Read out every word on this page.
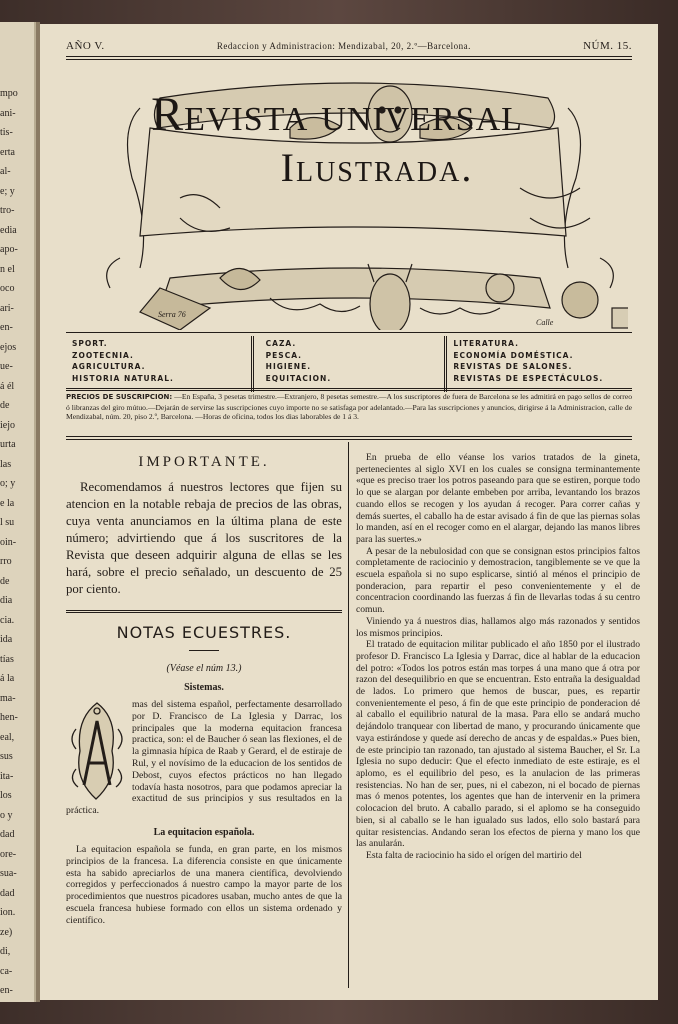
mpo
ani-
tis-
erta
al-
e; y
tro-
edia
apo-
n el
oco
ari-
en-
ejos
ue-
á él
de
iejo
urta
las
o; y
e la
l su
oin-
rro
de
dia
cia.
ida
tías
á la
ma-
hen-
eal,
sus
ita-
los
o y
dad
ore-
sua-
dad
ion.
ze)
di,
ca-
en-
AÑO V.	Redaccion y Administracion: Mendizabal, 20, 2.º—Barcelona.	NÚM. 15.
Revista universal
Ilustrada.
Serra 76
Calle
SPORT.
ZOOTECNIA.
AGRICULTURA.
HISTORIA NATURAL.
CAZA.
PESCA.
HIGIENE.
EQUITACION.
LITERATURA.
ECONOMÍA DOMÉSTICA.
REVISTAS DE SALONES.
REVISTAS DE ESPECTÁCULOS.
PRECIOS DE SUSCRIPCION: —En España, 3 pesetas trimestre.—Extranjero, 8 pesetas semestre.—A los suscriptores de fuera de Barcelona se les admitirá en pago sellos de correo ó libranzas del giro mútuo.—Dejarán de servirse las suscripciones cuyo importe no se satisfaga por adelantado.—Para las suscripciones y anuncios, dirigirse á la Administracion, calle de Mendizabal, núm. 20, piso 2.º, Barcelona. —Horas de oficina, todos los dias laborables de 1 á 3.
IMPORTANTE.
Recomendamos á nuestros lectores que fijen su atencion en la notable rebaja de precios de las obras, cuya venta anunciamos en la última plana de este número; advirtiendo que á los suscritores de la Revista que deseen adquirir alguna de ellas se les hará, sobre el precio señalado, un descuento de 25 por ciento.
NOTAS ECUESTRES.
(Véase el núm 13.)
Sistemas.
mas del sistema español, perfectamente desarrollado por D. Francisco de La Iglesia y Darrac, los principales que la moderna equitacion francesa practica, son: el de Baucher ó sean las flexiones, el de la gimnasia hípica de Raab y Gerard, el de estiraje de Rul, y el novísimo de la educacion de los sentidos de Debost, cuyos efectos prácticos no han llegado todavía hasta nosotros, para que podamos apreciar la exactitud de sus principios y sus resultados en la práctica.
La equitacion española.

La equitacion española se funda, en gran parte, en los mismos principios de la francesa. La diferencia consiste en que únicamente esta ha sabido apreciarlos de una manera científica, devolviendo corregidos y perfeccionados á nuestro campo la mayor parte de los procedimientos que nuestros picadores usaban, mucho antes de que la escuela francesa hubiese formado con ellos un sistema ordenado y científico.

En prueba de ello véanse los varios tratados de la gineta, pertenecientes al siglo XVI en los cuales se consigna terminantemente «que es preciso traer los potros paseando para que se estiren, porque todo lo que se alargan por delante embeben por arriba, levantando los brazos cuando ellos se recogen y los ayudan á recoger. Para correr cañas y demás suertes, el caballo ha de estar avisado á fin de que las piernas solas lo manden, así en el recoger como en el alargar, dejando las manos libres para las suertes.»

A pesar de la nebulosidad con que se consignan estos principios faltos completamente de raciocinio y demostracion, tangiblemente se ve que la escuela española si no supo esplicarse, sintió al ménos el principio de ponderacion, para repartir el peso convenientemente y el de concentracion coordinando las fuerzas á fin de llevarlas todas á su centro comun.

Viniendo ya á nuestros dias, hallamos algo más razonados y sentidos los mismos principios.

El tratado de equitacion militar publicado el año 1850 por el ilustrado profesor D. Francisco La Iglesia y Darrac, dice al hablar de la educacion del potro: «Todos los potros están mas torpes á una mano que á otra por razon del desequilibrio en que se encuentran. Esto entraña la desigualdad de lados. Lo primero que hemos de buscar, pues, es repartir convenientemente el peso, á fin de que este principio de ponderacion dé al caballo el equilibrio natural de la masa. Para ello se andará mucho dejándolo tranquear con libertad de mano, y procurando únicamente que vaya estirándose y quede así derecho de ancas y de espaldas.» Pues bien, de este principio tan razonado, tan ajustado al sistema Baucher, el Sr. La Iglesia no supo deducir: Que el efecto inmediato de este estiraje, es el aplomo, es el equilibrio del peso, es la anulacion de las primeras resistencias. No han de ser, pues, ni el cabezon, ni el bocado de piernas mas ó menos potentes, los agentes que han de intervenir en la primera colocacion del bruto. A caballo parado, si el aplomo se ha conseguido bien, si al caballo se le han igualado sus lados, ello solo bastará para quitar resistencias. Andando seran los efectos de pierna y mano los que las anularán.

Esta falta de raciocinio ha sido el orígen del martirio del
